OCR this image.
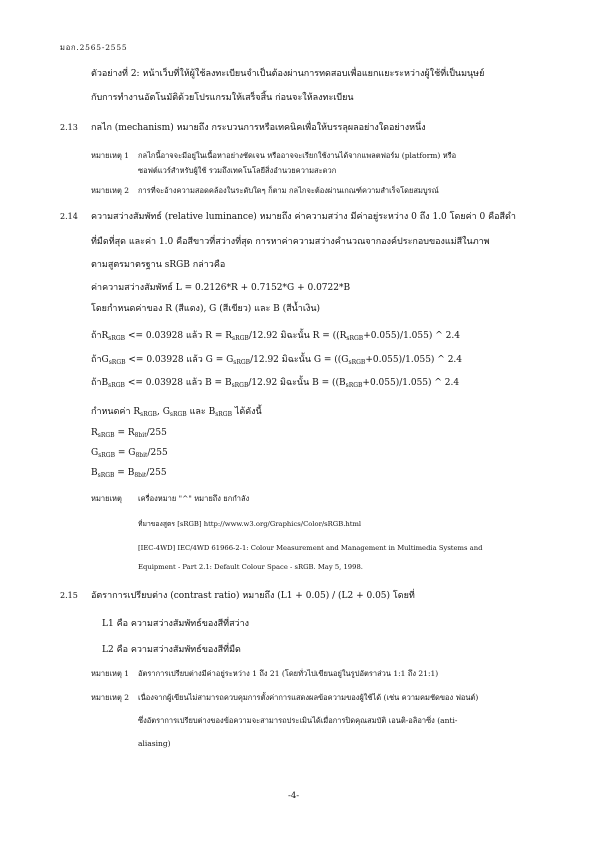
มอก.2565-2555
ตัวอย่างที่ 2: หน้าเว็บที่ให้ผู้ใช้ลงทะเบียนจำเป็นต้องผ่านการทดสอบเพื่อแยกแยะระหว่างผู้ใช้ที่เป็นมนุษย์
กับการทำงานอัตโนมัติด้วยโปรแกรมให้เสร็จสิ้น ก่อนจะให้ลงทะเบียน
2.13 กลไก (mechanism) หมายถึง กระบวนการหรือเทคนิคเพื่อให้บรรลุผลอย่างใดอย่างหนึ่ง
หมายเหตุ 1 กลไกนี้อาจจะมีอยู่ในเนื้อหาอย่างชัดเจน หรืออาจจะเรียกใช้งานได้จากแพลตฟอร์ม (platform) หรือ
ซอฟต์แวร์สำหรับผู้ใช้ รวมถึงเทคโนโลยีสิ่งอำนวยความสะดวก
หมายเหตุ 2 การที่จะอ้างความสอดคล้องในระดับใดๆ ก็ตาม กลไกจะต้องผ่านเกณฑ์ความสำเร็จโดยสมบูรณ์
2.14 ความสว่างสัมพัทธ์ (relative luminance) หมายถึง ค่าความสว่าง มีค่าอยู่ระหว่าง 0 ถึง 1.0 โดยค่า 0 คือสีดำ
ที่มืดที่สุด และค่า 1.0 คือสีขาวที่สว่างที่สุด การหาค่าความสว่างคำนวณจากองค์ประกอบของแม่สีในภาพ
ตามสูตรมาตรฐาน sRGB กล่าวคือ
ค่าความสว่างสัมพัทธ์ L = 0.2126*R + 0.7152*G + 0.0722*B
โดยกำหนดค่าของ R (สีแดง), G (สีเขียว) และ B (สีน้ำเงิน)
ถ้า$R_{sRGB} <= 0.03928$ แล้ว $R = R_{sRGB}/12.92$ มิฉะนั้น $R = ((R_{sRGB}+0.055)/1.055)$ ^ 2.4
ถ้า$G_{sRGB} <= 0.03928$ แล้ว $G = G_{sRGB}/12.92$ มิฉะนั้น $G = ((G_{sRGB}+0.055)/1.055)$ ^ 2.4
ถ้า$B_{sRGB} <= 0.03928$ แล้ว $B = B_{sRGB}/12.92$ มิฉะนั้น $B = ((B_{sRGB}+0.055)/1.055)$ ^ 2.4
กำหนดค่า $R_{sRGB}$, $G_{sRGB}$ และ $B_{sRGB}$ ได้ดังนี้
$R_{sRGB} = R_{8bit}/255$
$G_{sRGB} = G_{8bit}/255$
$B_{sRGB} = B_{8bit}/255$
หมายเหตุ เครื่องหมาย "^" หมายถึง ยกกำลัง
ที่มาของสูตร [sRGB] http://www.w3.org/Graphics/Color/sRGB.html
[IEC-4WD] IEC/4WD 61966-2-1: Colour Measurement and Management in Multimedia Systems and
Equipment - Part 2.1: Default Colour Space - sRGB. May 5, 1998.
2.15 อัตราการเปรียบต่าง (contrast ratio) หมายถึง (L1 + 0.05) / (L2 + 0.05) โดยที่
L1 คือ ความสว่างสัมพัทธ์ของสีที่สว่าง
L2 คือ ความสว่างสัมพัทธ์ของสีที่มืด
หมายเหตุ 1 อัตราการเปรียบต่างมีค่าอยู่ระหว่าง 1 ถึง 21 (โดยทั่วไปเขียนอยู่ในรูปอัตราส่วน 1:1 ถึง 21:1)
หมายเหตุ 2 เนื่องจากผู้เขียนไม่สามารถควบคุมการตั้งค่าการแสดงผลข้อความของผู้ใช้ได้ (เช่น ความคมชัดของ ฟอนต์)
ซึ่งอัตราการเปรียบต่างของข้อความจะสามารถประเมินได้เมื่อการปิดคุณสมบัติ เอนติ-อลิอาซิ่ง (anti-
aliasing)
-4-
